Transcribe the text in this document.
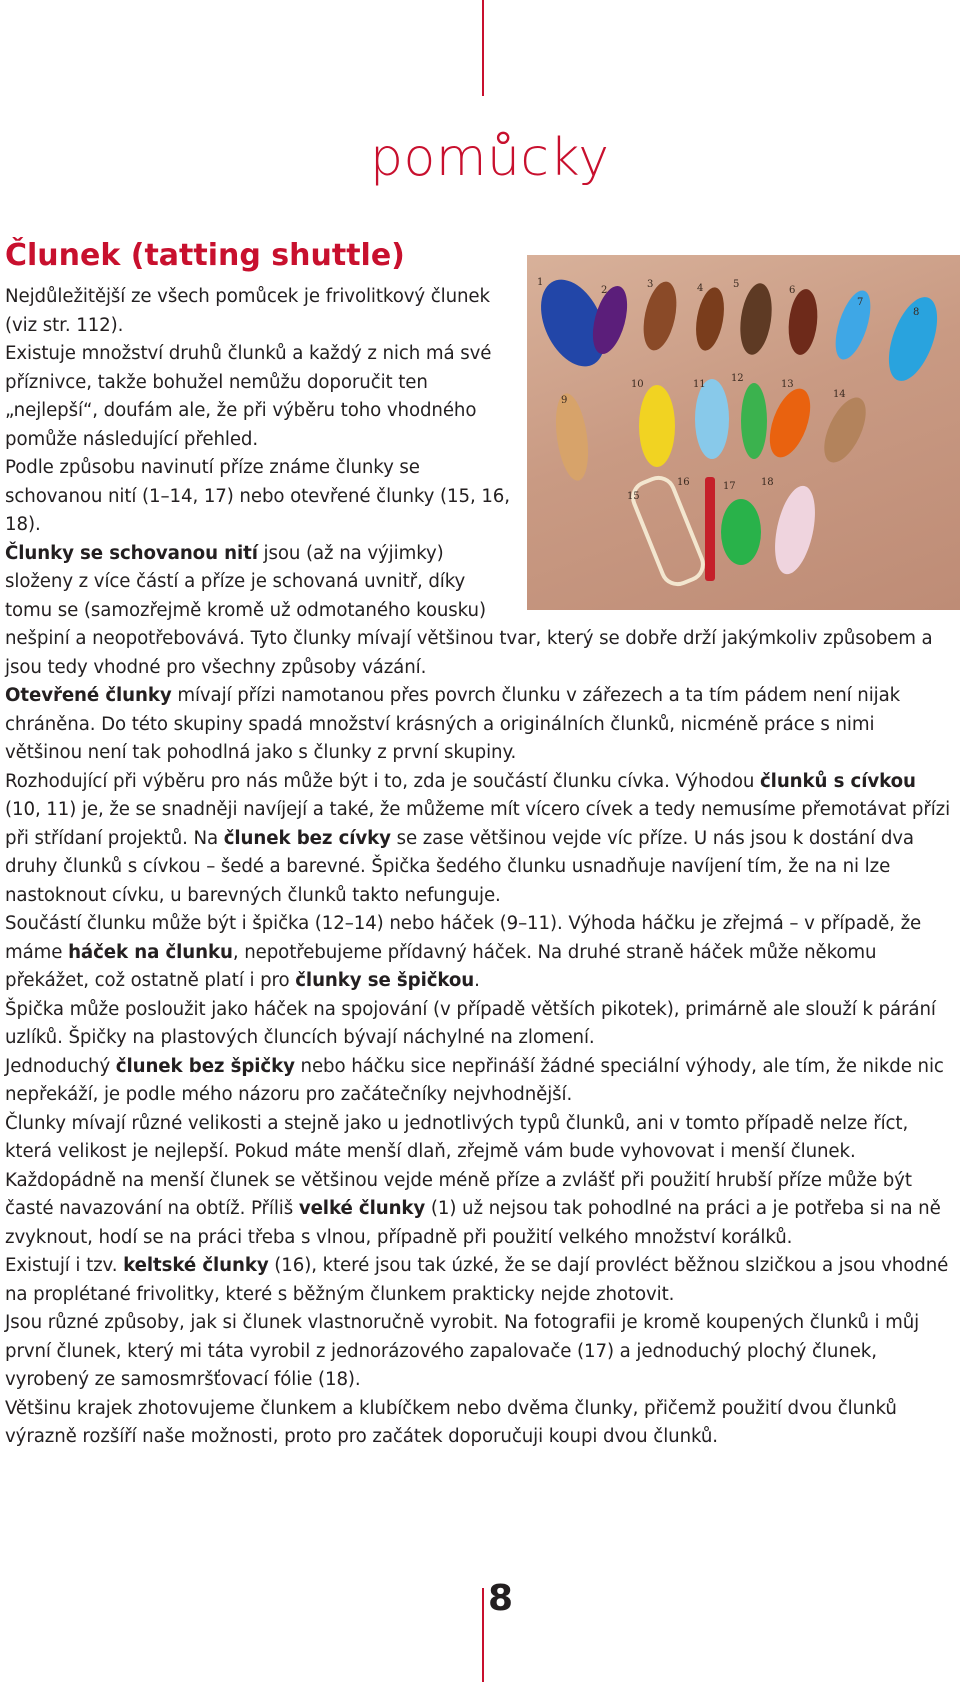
pomůcky
Člunek (tatting shuttle)
1
2
3	4	5
6
7
8
9
10	11
12
13
14
15
16	17	18

Nejdůležitější ze všech pomůcek je frivolitkový člunek (viz str. 112).

Existuje množství druhů člunků a každý z nich má své příznivce, takže bohužel nemůžu doporučit ten „nejlepší“, doufám ale, že při výběru toho vhodného pomůže následující přehled.

Podle způsobu navinutí příze známe člunky se schovanou nití (1–14, 17) nebo otevřené člunky (15, 16, 18).

Člunky se schovanou nití jsou (až na výjimky) složeny z více částí a příze je schovaná uvnitř, díky tomu se (samozřejmě kromě už odmotaného kousku) nešpiní a neopotřebovává. Tyto člunky mívají většinou tvar, který se dobře drží jakýmkoliv způsobem a jsou tedy vhodné pro všechny způsoby vázání.

Otevřené člunky mívají přízi namotanou přes povrch člunku v zářezech a ta tím pádem není nijak chráněna. Do této skupiny spadá množství krásných a originálních člunků, nicméně práce s nimi většinou není tak pohodlná jako s člunky z první skupiny.

Rozhodující při výběru pro nás může být i to, zda je součástí člunku cívka. Výhodou člunků s cívkou (10, 11) je, že se snadněji navíjejí a také, že můžeme mít vícero cívek a tedy nemusíme přemotávat přízi při střídaní projektů. Na člunek bez cívky se zase většinou vejde víc příze. U nás jsou k dostání dva druhy člunků s cívkou – šedé a barevné. Špička šedého člunku usnadňuje navíjení tím, že na ni lze nastoknout cívku, u barevných člunků takto nefunguje.

Součástí člunku může být i špička (12–14) nebo háček (9–11). Výhoda háčku je zřejmá – v případě, že máme háček na člunku, nepotřebujeme přídavný háček. Na druhé straně háček může někomu překážet, což ostatně platí i pro člunky se špičkou.

Špička může posloužit jako háček na spojování (v případě větších pikotek), primárně ale slouží k párání uzlíků. Špičky na plastových čluncích bývají náchylné na zlomení.

Jednoduchý člunek bez špičky nebo háčku sice nepřináší žádné speciální výhody, ale tím, že nikde nic nepřekáží, je podle mého názoru pro začátečníky nejvhodnější.

Člunky mívají různé velikosti a stejně jako u jednotlivých typů člunků, ani v tomto případě nelze říct, která velikost je nejlepší. Pokud máte menší dlaň, zřejmě vám bude vyhovovat i menší člunek. Každopádně na menší člunek se většinou vejde méně příze a zvlášť při použití hrubší příze může být časté navazování na obtíž. Příliš velké člunky (1) už nejsou tak pohodlné na práci a je potřeba si na ně zvyknout, hodí se na práci třeba s vlnou, případně při použití velkého množství korálků.

Existují i tzv. keltské člunky (16), které jsou tak úzké, že se dají provléct běžnou slzičkou a jsou vhodné na proplétané frivolitky, které s běžným člunkem prakticky nejde zhotovit.

Jsou různé způsoby, jak si člunek vlastnoručně vyrobit. Na fotografii je kromě koupených člunků i můj první člunek, který mi táta vyrobil z jednorázového zapalovače (17) a jednoduchý plochý člunek, vyrobený ze samosmršťovací fólie (18).

Většinu krajek zhotovujeme člunkem a klubíčkem nebo dvěma člunky, přičemž použití dvou člunků výrazně rozšíří naše možnosti, proto pro začátek doporučuji koupi dvou člunků.

8
